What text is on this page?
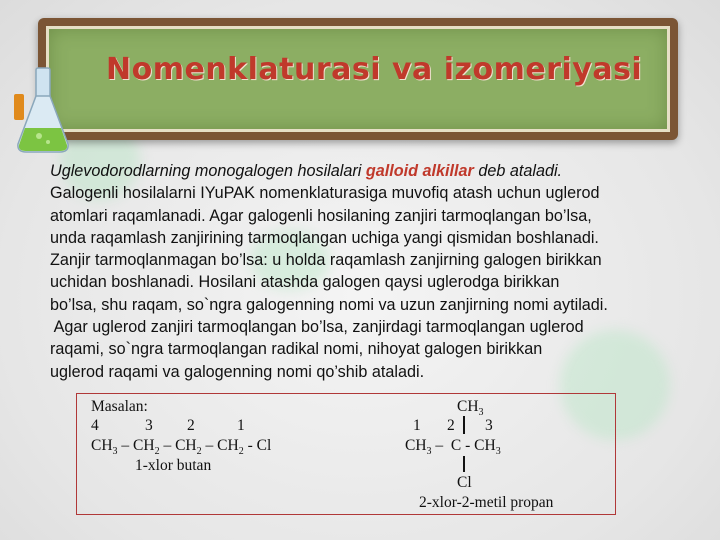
Nomenklaturasi va izomeriyasi

Uglevodorodlarning monogalogen hosilalari galloid alkillar deb ataladi.

Galogenli hosilalarni IYuPAK nomenklaturasiga muvofiq atash uchun uglerod

atomlari raqamlanadi. Agar galogenli hosilaning zanjiri tarmoqlangan bo’lsa,

unda raqamlash zanjirining tarmoqlangan uchiga yangi qismidan boshlanadi.

Zanjir tarmoqlanmagan bo’lsa: u holda raqamlash zanjirning galogen birikkan

uchidan boshlanadi. Hosilani atashda galogen qaysi uglerodga birikkan

bo’lsa, shu raqam, so`ngra galogenning nomi va uzun zanjirning nomi aytiladi.

Agar uglerod zanjiri tarmoqlangan bo’lsa, zanjirdagi tarmoqlangan uglerod

raqami, so`ngra tarmoqlangan radikal nomi, nihoyat galogen birikkan

uglerod raqami va galogenning nomi qo’shib ataladi.

Masalan:
4	3 2	1
$CH_3 - CH_2 - CH_2 - CH_2$ - Cl
1-xlor butan
$CH_3$
1 2 3
$CH_3$ –  C - $CH_3$
Cl
2-xlor-2-metil propan
